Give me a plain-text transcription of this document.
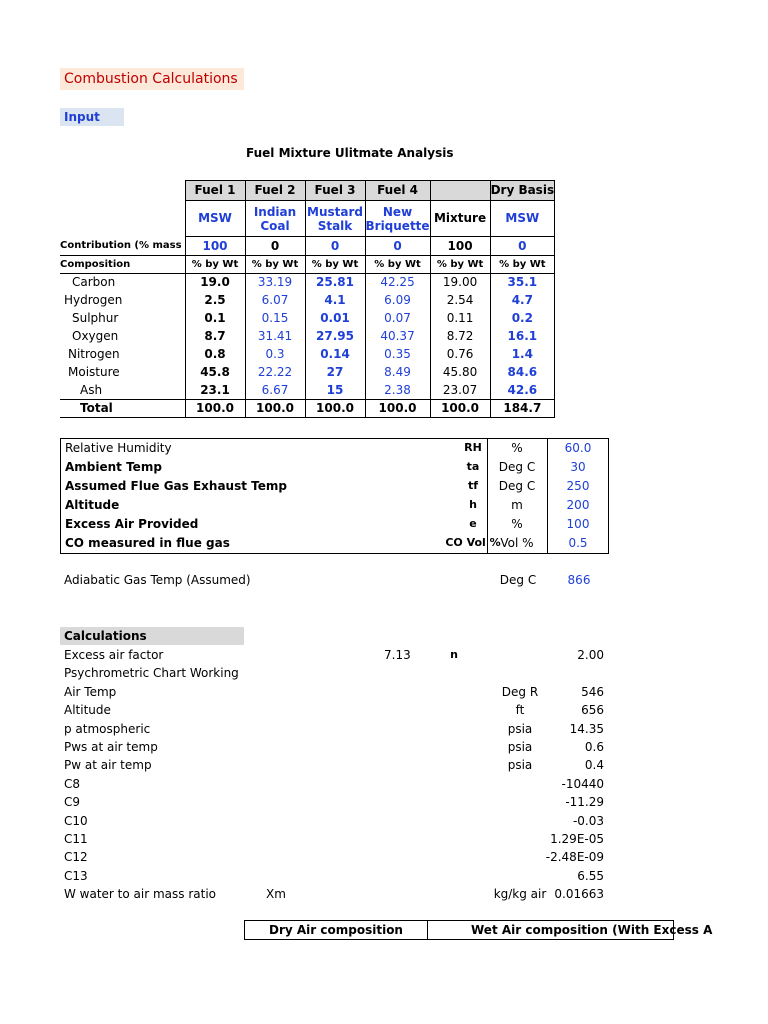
Combustion Calculations
Input
Fuel Mixture Ulitmate Analysis
	Fuel 1	Fuel 2	Fuel 3	Fuel 4		Dry Basis
	MSW	Indian Coal	Mustard Stalk	New Briquette	Mixture	MSW
Contribution (% mass	100	0	0	0	100	0
Composition	% by Wt	% by Wt	% by Wt	% by Wt	% by Wt	% by Wt
Carbon	19.0	33.19	25.81	42.25	19.00	35.1
Hydrogen	2.5	6.07	4.1	6.09	2.54	4.7
Sulphur	0.1	0.15	0.01	0.07	0.11	0.2
Oxygen	8.7	31.41	27.95	40.37	8.72	16.1
Nitrogen	0.8	0.3	0.14	0.35	0.76	1.4
Moisture	45.8	22.22	27	8.49	45.80	84.6
Ash	23.1	6.67	15	2.38	23.07	42.6
Total	100.0	100.0	100.0	100.0	100.0	184.7
Relative Humidity	RH	%	60.0
Ambient Temp	ta	Deg C	30
Assumed Flue Gas Exhaust Temp	tf	Deg C	250
Altitude	h	m	200
Excess Air Provided	e	%	100
CO measured in flue gas	CO Vol % Vol %	0.5
Adiabatic Gas Temp (Assumed)	Deg C	866
Calculations
Excess air factor	7.13	n	2.00
Psychrometric Chart Working
Air Temp	Deg R	546
Altitude	ft	656
p atmospheric	psia	14.35
Pws at air temp	psia	0.6
Pw at air temp	psia	0.4
C8	-10440
C9	-11.29
C10	-0.03
C11	1.29E-05
C12	-2.48E-09
C13	6.55
W water to air mass ratio	Xm	kg/kg air 0.01663
Dry Air composition	Wet Air composition (With Excess A
